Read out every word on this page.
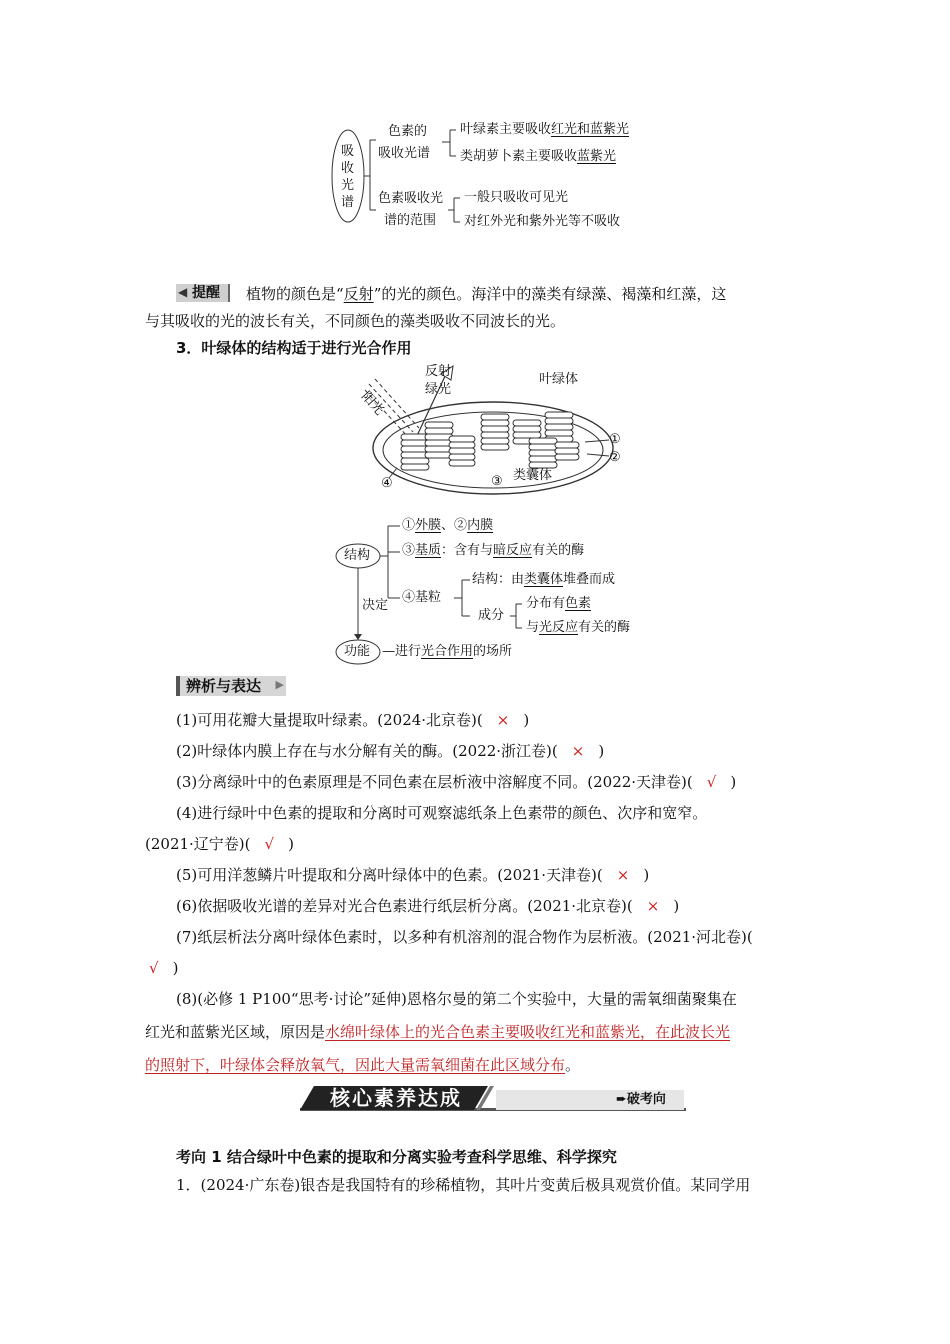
吸
收
光
谱
色素的
吸收光谱
叶绿素主要吸收红光和蓝紫光
类胡萝卜素主要吸收蓝紫光
色素吸收光
谱的范围
一般只吸收可见光
对红外光和紫外光等不吸收
◀ 提醒 植物的颜色是“反射”的光的颜色。海洋中的藻类有绿藻、褐藻和红藻，这
与其吸收的光的波长有关，不同颜色的藻类吸收不同波长的光。
3．叶绿体的结构适于进行光合作用
反射
绿光
阳光
叶绿体
类囊体
①
②
③
④
结构
决定
功能
①外膜、②内膜
③基质：含有与暗反应有关的酶
④基粒
结构：由类囊体堆叠而成
成分
分布有色素
与光反应有关的酶
—进行光合作用的场所
辨析与表达 ▶
(1)可用花瓣大量提取叶绿素。(2024·北京卷)( × )
(2)叶绿体内膜上存在与水分解有关的酶。(2022·浙江卷)( × )
(3)分离绿叶中的色素原理是不同色素在层析液中溶解度不同。(2022·天津卷)( √ )
(4)进行绿叶中色素的提取和分离时可观察滤纸条上色素带的颜色、次序和宽窄。
(2021·辽宁卷)( √ )
(5)可用洋葱鳞片叶提取和分离叶绿体中的色素。(2021·天津卷)( × )
(6)依据吸收光谱的差异对光合色素进行纸层析分离。(2021·北京卷)( × )
(7)纸层析法分离叶绿体色素时，以多种有机溶剂的混合物作为层析液。(2021·河北卷)(
√ )
(8)(必修 1 P100“思考·讨论”延伸)恩格尔曼的第二个实验中，大量的需氧细菌聚集在
红光和蓝紫光区域，原因是水绵叶绿体上的光合色素主要吸收红光和蓝紫光，在此波长光
的照射下，叶绿体会释放氧气，因此大量需氧细菌在此区域分布。
核心素养达成	➨破考向
考向 1 结合绿叶中色素的提取和分离实验考查科学思维、科学探究
1．(2024·广东卷)银杏是我国特有的珍稀植物，其叶片变黄后极具观赏价值。某同学用
